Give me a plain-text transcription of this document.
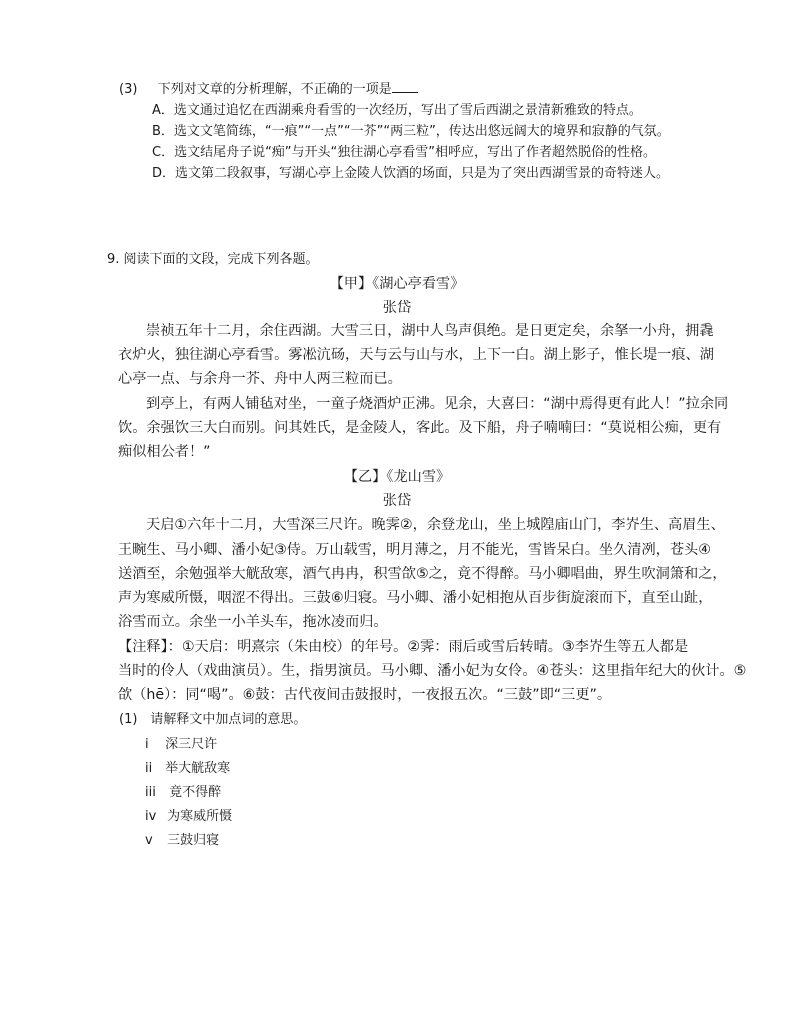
(3) 下列对文章的分析理解，不正确的一项是
A．选文通过追忆在西湖乘舟看雪的一次经历，写出了雪后西湖之景清新雅致的特点。
B．选文文笔简练，“一痕”“一点”“一芥”“两三粒”，传达出悠远阔大的境界和寂静的气氛。
C．选文结尾舟子说“痴”与开头“独往湖心亭看雪”相呼应，写出了作者超然脱俗的性格。
D．选文第二段叙事，写湖心亭上金陵人饮酒的场面，只是为了突出西湖雪景的奇特迷人。
9. 阅读下面的文段，完成下列各题。
【甲】《湖心亭看雪》
张岱
崇祯五年十二月，余住西湖。大雪三日，湖中人鸟声俱绝。是日更定矣，余拏一小舟，拥毳
衣炉火，独往湖心亭看雪。雾凇沆砀，天与云与山与水，上下一白。湖上影子，惟长堤一痕、湖
心亭一点、与余舟一芥、舟中人两三粒而已。
到亭上，有两人铺毡对坐，一童子烧酒炉正沸。见余，大喜曰：“湖中焉得更有此人！”拉余同
饮。余强饮三大白而别。问其姓氏，是金陵人，客此。及下船，舟子喃喃曰：“莫说相公痴，更有
痴似相公者！”
【乙】《龙山雪》
张岱
天启①六年十二月，大雪深三尺许。晚霁②，余登龙山，坐上城隍庙山门，李岕生、高眉生、
王畹生、马小卿、潘小妃③侍。万山载雪，明月薄之，月不能光，雪皆呆白。坐久清冽，苍头④
送酒至，余勉强举大觥敌寒，酒气冉冉，积雪欱⑤之，竟不得醉。马小卿唱曲，界生吹洞箫和之，
声为寒威所慑，咽涩不得出。三鼓⑥归寝。马小卿、潘小妃相抱从百步街旋滚而下，直至山趾，
浴雪而立。余坐一小羊头车，拖冰凌而归。
【注释】：①天启：明熹宗（朱由校）的年号。②霁：雨后或雪后转晴。③李岕生等五人都是
当时的伶人（戏曲演员）。生，指男演员。马小卿、潘小妃为女伶。④苍头：这里指年纪大的伙计。⑤
欱（hē）：同“喝”。⑥鼓：古代夜间击鼓报时，一夜报五次。“三鼓”即“三更”。
(1)　请解释文中加点词的意思。
i 深三尺许
ii 举大觥敌寒
iii 竟不得醉
iv 为寒威所慑
v 三鼓归寝
